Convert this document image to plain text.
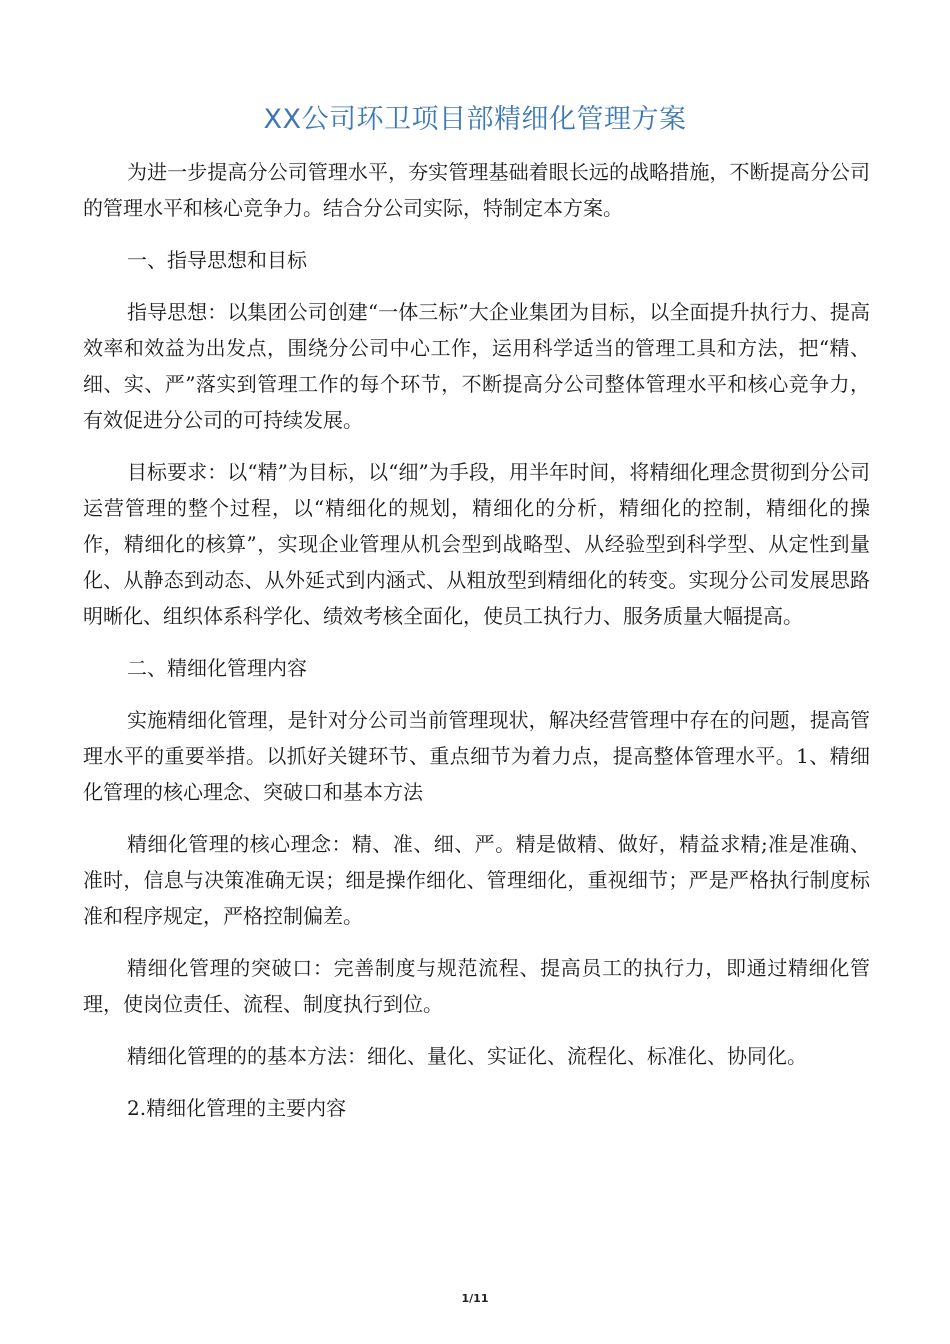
XX公司环卫项目部精细化管理方案

为进一步提高分公司管理水平，夯实管理基础着眼长远的战略措施，不断提高分公司的管理水平和核心竞争力。结合分公司实际，特制定本方案。

一、指导思想和目标

指导思想：以集团公司创建“一体三标”大企业集团为目标，以全面提升执行力、提高效率和效益为出发点，围绕分公司中心工作，运用科学适当的管理工具和方法，把“精、细、实、严”落实到管理工作的每个环节，不断提高分公司整体管理水平和核心竞争力，有效促进分公司的可持续发展。

目标要求：以“精”为目标，以“细”为手段，用半年时间，将精细化理念贯彻到分公司运营管理的整个过程，以“精细化的规划，精细化的分析，精细化的控制，精细化的操作，精细化的核算”，实现企业管理从机会型到战略型、从经验型到科学型、从定性到量化、从静态到动态、从外延式到内涵式、从粗放型到精细化的转变。实现分公司发展思路明晰化、组织体系科学化、绩效考核全面化，使员工执行力、服务质量大幅提高。

二、精细化管理内容

实施精细化管理，是针对分公司当前管理现状，解决经营管理中存在的问题，提高管理水平的重要举措。以抓好关键环节、重点细节为着力点，提高整体管理水平。1、精细化管理的核心理念、突破口和基本方法

精细化管理的核心理念：精、准、细、严。精是做精、做好，精益求精;准是准确、准时，信息与决策准确无误；细是操作细化、管理细化，重视细节；严是严格执行制度标准和程序规定，严格控制偏差。

精细化管理的突破口：完善制度与规范流程、提高员工的执行力，即通过精细化管理，使岗位责任、流程、制度执行到位。

精细化管理的的基本方法：细化、量化、实证化、流程化、标准化、协同化。

2.精细化管理的主要内容

1/11
